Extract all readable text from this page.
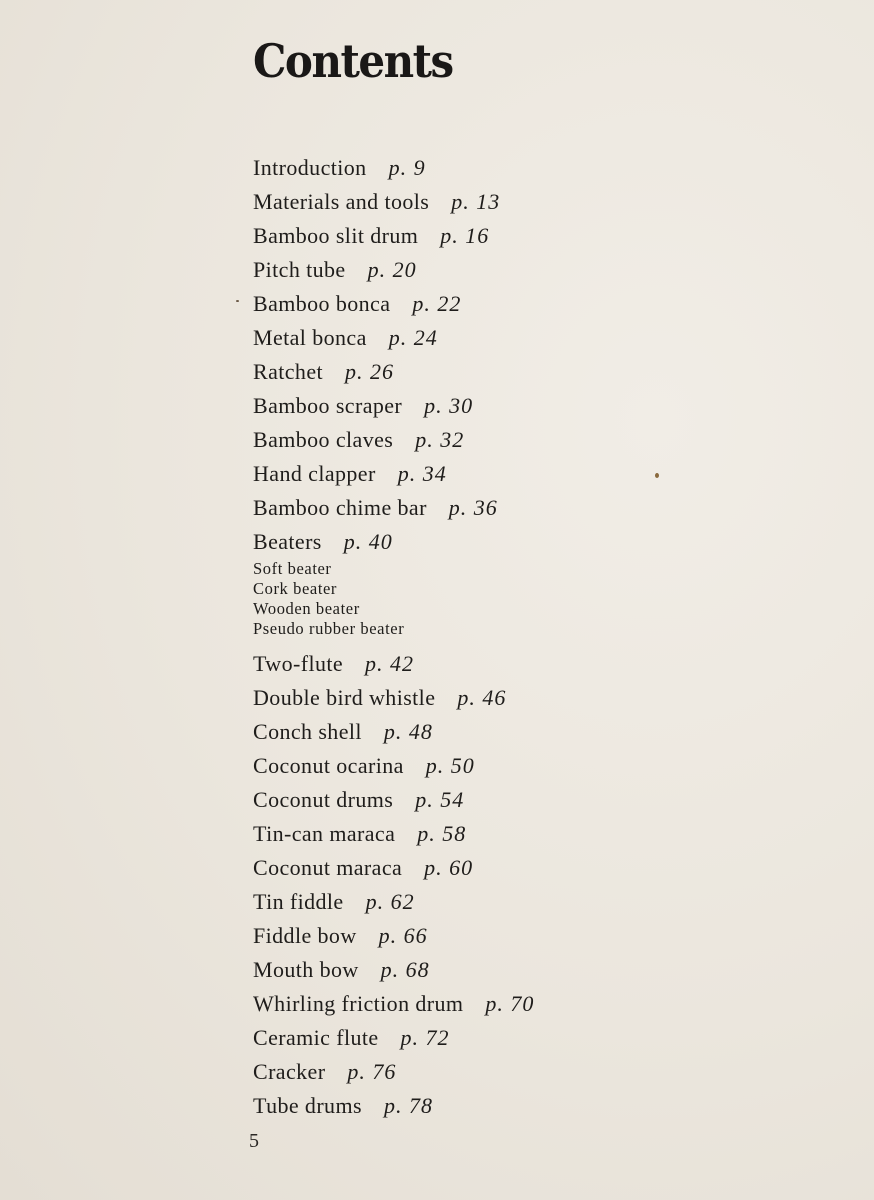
Contents
Introduction p. 9
Materials and tools p. 13
Bamboo slit drum p. 16
Pitch tube p. 20
Bamboo bonca p. 22
Metal bonca p. 24
Ratchet p. 26
Bamboo scraper p. 30
Bamboo claves p. 32
Hand clapper p. 34
Bamboo chime bar p. 36
Beaters p. 40
Soft beater
Cork beater
Wooden beater
Pseudo rubber beater
Two-flute p. 42
Double bird whistle p. 46
Conch shell p. 48
Coconut ocarina p. 50
Coconut drums p. 54
Tin-can maraca p. 58
Coconut maraca p. 60
Tin fiddle p. 62
Fiddle bow p. 66
Mouth bow p. 68
Whirling friction drum p. 70
Ceramic flute p. 72
Cracker p. 76
Tube drums p. 78
5
